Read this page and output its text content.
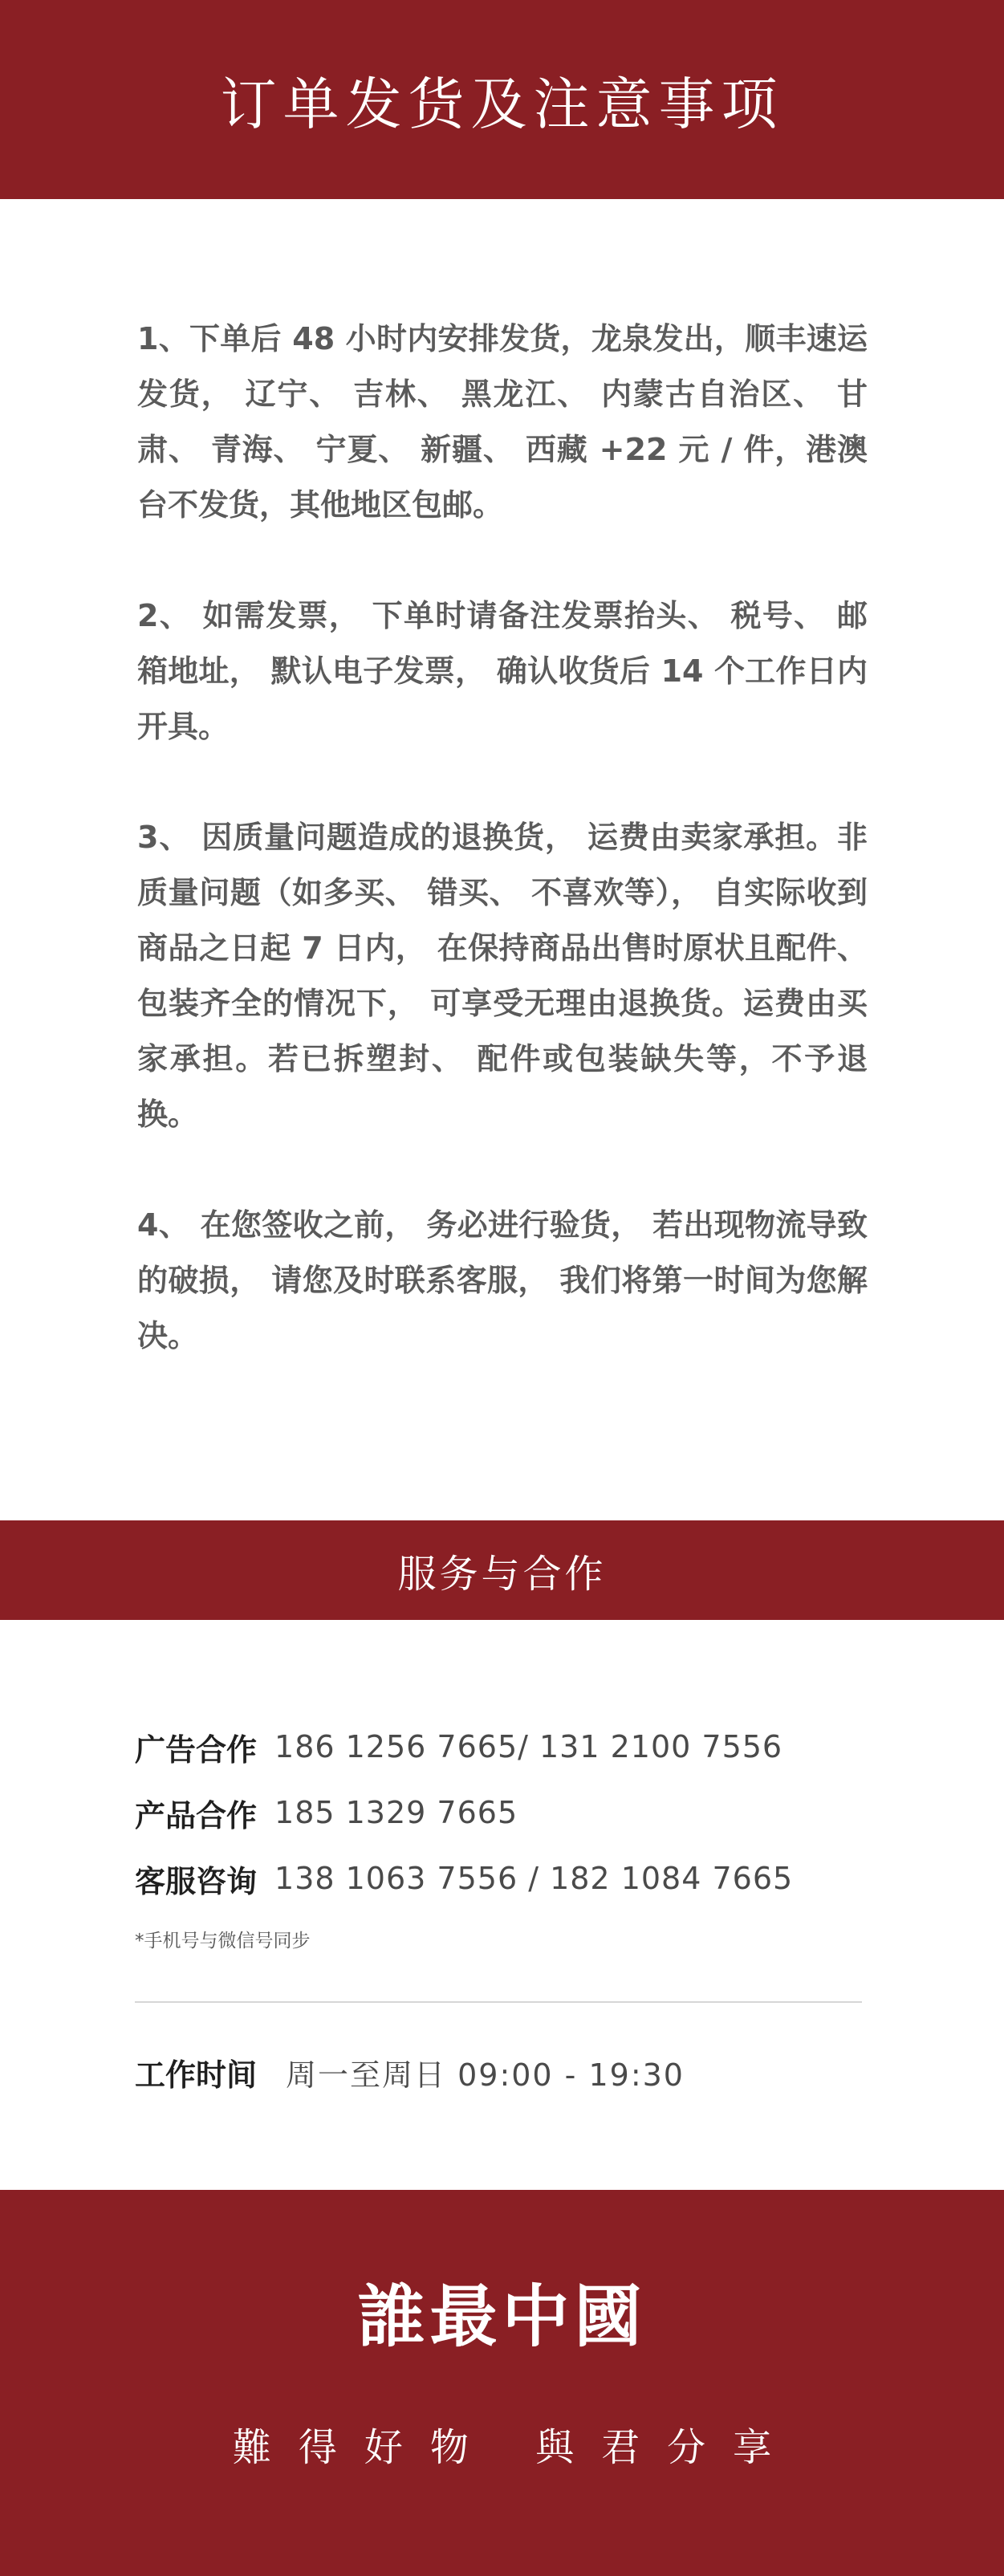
订单发货及注意事项

1、下单后 48 小时内安排发货，龙泉发出，顺丰速运发货， 辽宁、 吉林、 黑龙江、 内蒙古自治区、 甘肃、 青海、 宁夏、 新疆、 西藏 +22 元 / 件，港澳台不发货，其他地区包邮。

2、 如需发票， 下单时请备注发票抬头、 税号、 邮箱地址， 默认电子发票， 确认收货后 14 个工作日内开具。

3、 因质量问题造成的退换货， 运费由卖家承担。非质量问题（如多买、 错买、 不喜欢等）， 自实际收到商品之日起 7 日内， 在保持商品出售时原状且配件、 包装齐全的情况下， 可享受无理由退换货。运费由买家承担。若已拆塑封、 配件或包装缺失等，不予退换。

4、 在您签收之前， 务必进行验货， 若出现物流导致的破损， 请您及时联系客服， 我们将第一时间为您解决。

服务与合作
广告合作 186 1256 7665/ 131 2100 7556
产品合作 185 1329 7665
客服咨询 138 1063 7556 / 182 1084 7665
*手机号与微信号同步
工作时间 周一至周日 09:00 - 19:30
誰最中國
難得好物 與君分享
